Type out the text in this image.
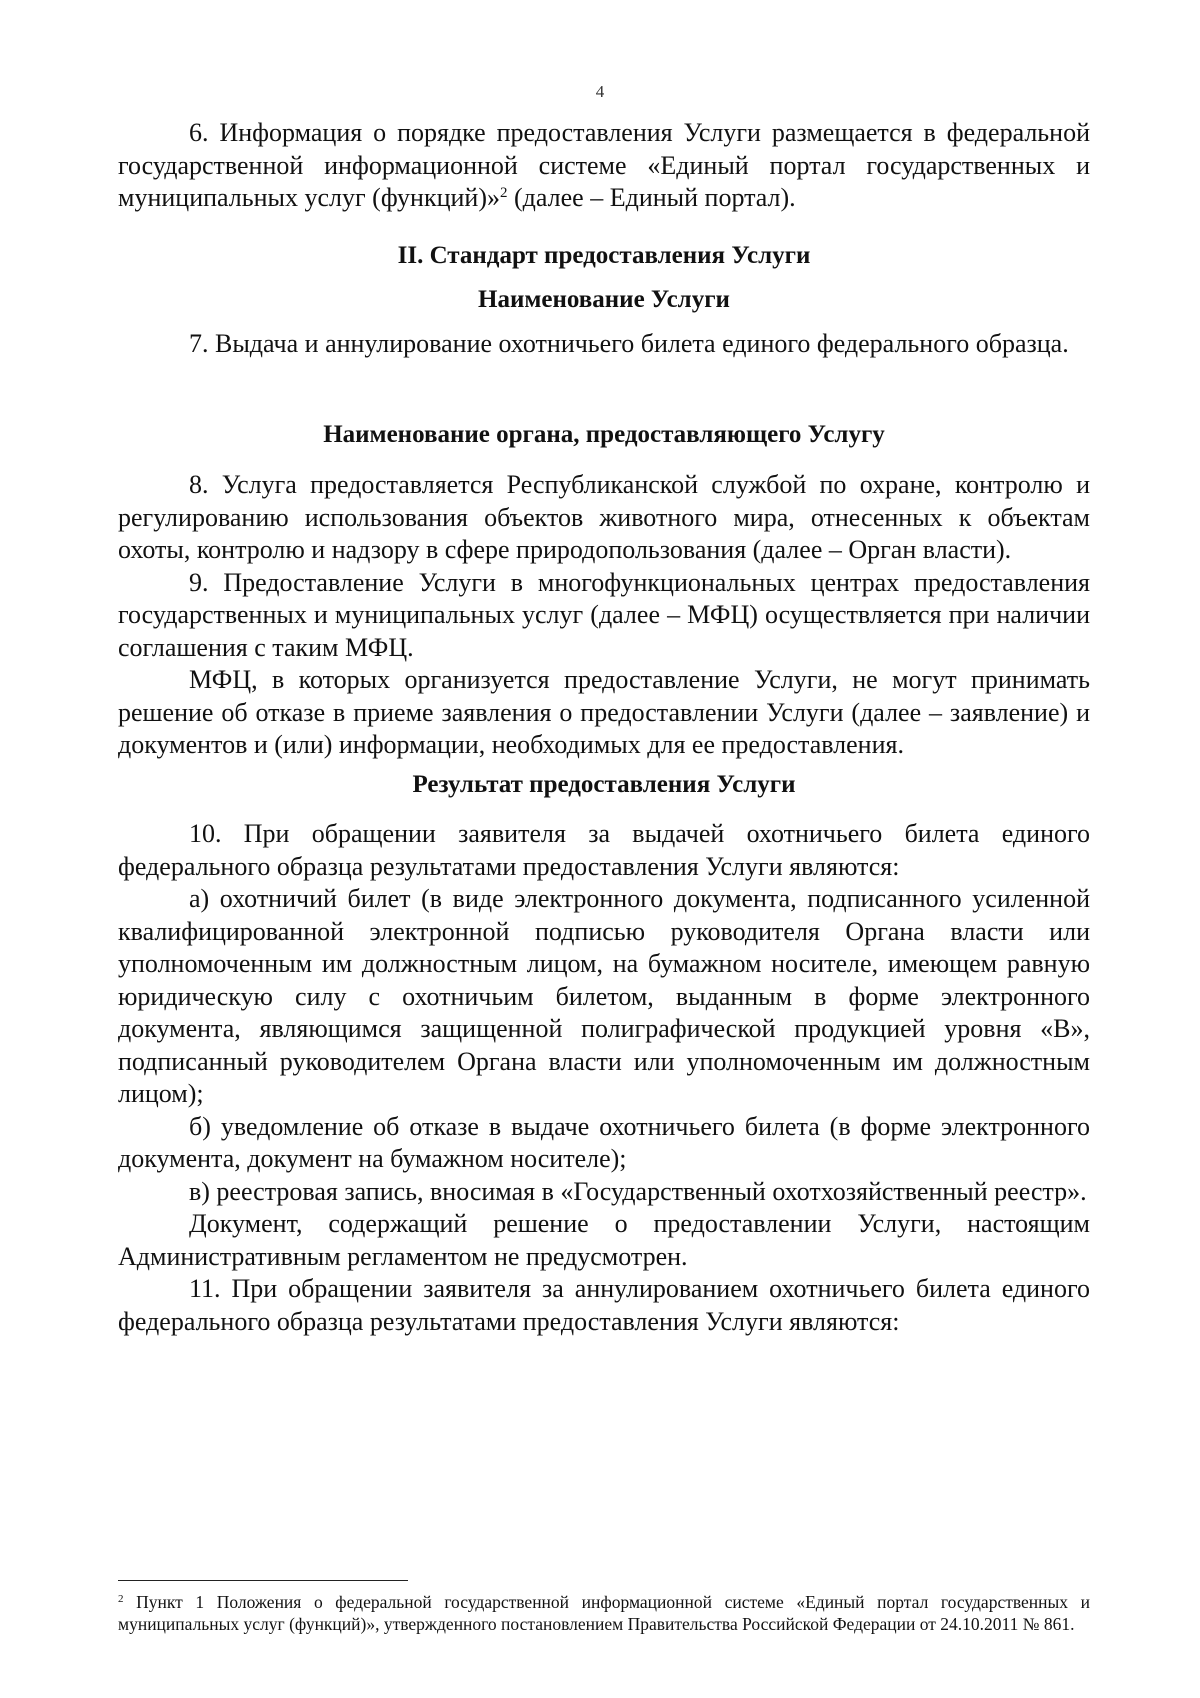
4

6. Информация о порядке предоставления Услуги размещается в федеральной государственной информационной системе «Единый портал государственных и муниципальных услуг (функций)»$^2$ (далее – Единый портал).

II. Стандарт предоставления Услуги

Наименование Услуги

7. Выдача и аннулирование охотничьего билета единого федерального образца.

Наименование органа, предоставляющего Услугу

8. Услуга предоставляется Республиканской службой по охране, контролю и регулированию использования объектов животного мира, отнесенных к объектам охоты, контролю и надзору в сфере природопользования (далее – Орган власти).

9. Предоставление Услуги в многофункциональных центрах предоставления государственных и муниципальных услуг (далее – МФЦ) осуществляется при наличии соглашения с таким МФЦ.

МФЦ, в которых организуется предоставление Услуги, не могут принимать решение об отказе в приеме заявления о предоставлении Услуги (далее – заявление) и документов и (или) информации, необходимых для ее предоставления.

Результат предоставления Услуги

10. При обращении заявителя за выдачей охотничьего билета единого федерального образца результатами предоставления Услуги являются:

а) охотничий билет (в виде электронного документа, подписанного усиленной квалифицированной электронной подписью руководителя Органа власти или уполномоченным им должностным лицом, на бумажном носителе, имеющем равную юридическую силу с охотничьим билетом, выданным в форме электронного документа, являющимся защищенной полиграфической продукцией уровня «В», подписанный руководителем Органа власти или уполномоченным им должностным лицом);

б) уведомление об отказе в выдаче охотничьего билета (в форме электронного документа, документ на бумажном носителе);

в) реестровая запись, вносимая в «Государственный охотхозяйственный реестр».

Документ, содержащий решение о предоставлении Услуги, настоящим Административным регламентом не предусмотрен.

11. При обращении заявителя за аннулированием охотничьего билета единого федерального образца результатами предоставления Услуги являются:

$^2$ Пункт 1 Положения о федеральной государственной информационной системе «Единый портал государственных и муниципальных услуг (функций)», утвержденного постановлением Правительства Российской Федерации от 24.10.2011 № 861.
